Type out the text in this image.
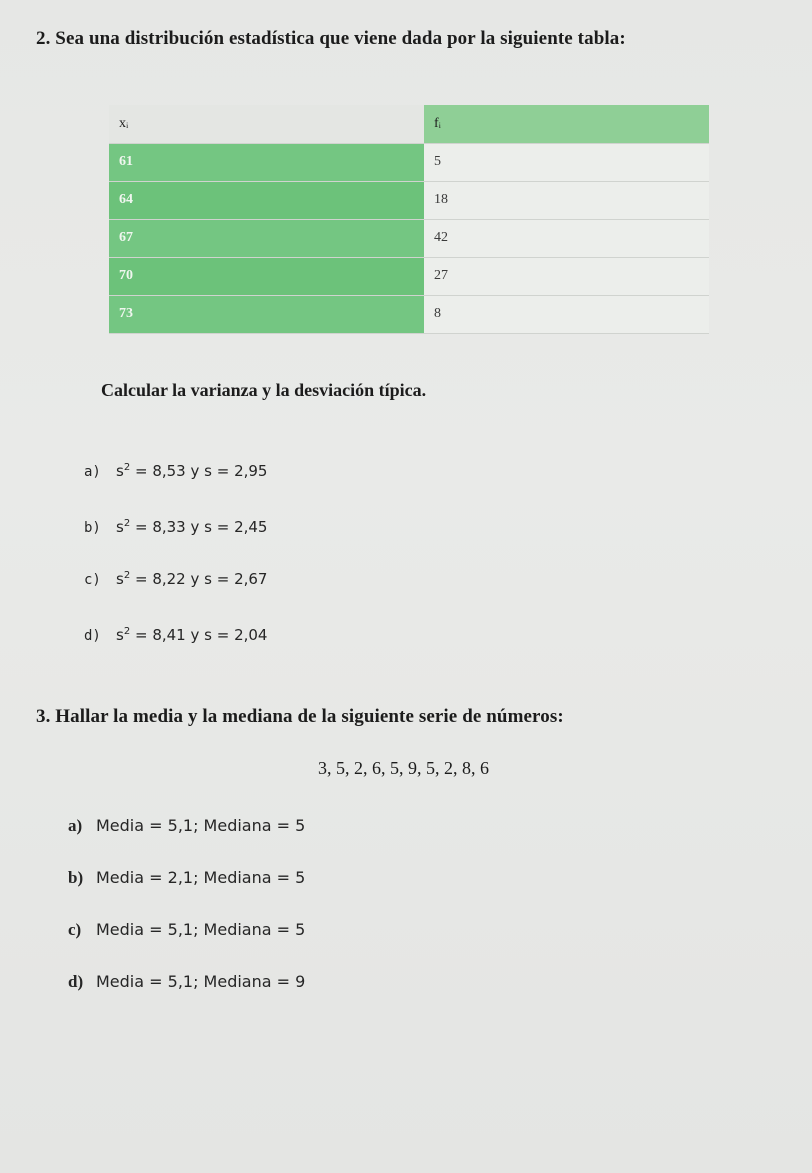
2. Sea una distribución estadística que viene dada por la siguiente tabla:
xᵢ	fᵢ
61	5
64	18
67	42
70	27
73	8
Calcular la varianza y la desviación típica.
a) $s^2 = 8,53$ y s = 2,95
b) $s^2 = 8,33$ y s = 2,45
c) $s^2 = 8,22$ y s = 2,67
d) $s^2 = 8,41$ y s = 2,04
3. Hallar la media y la mediana de la siguiente serie de números:
3, 5, 2, 6, 5, 9, 5, 2, 8, 6
a) Media = 5,1; Mediana = 5
b) Media = 2,1; Mediana = 5
c) Media = 5,1; Mediana = 5
d) Media = 5,1; Mediana = 9
